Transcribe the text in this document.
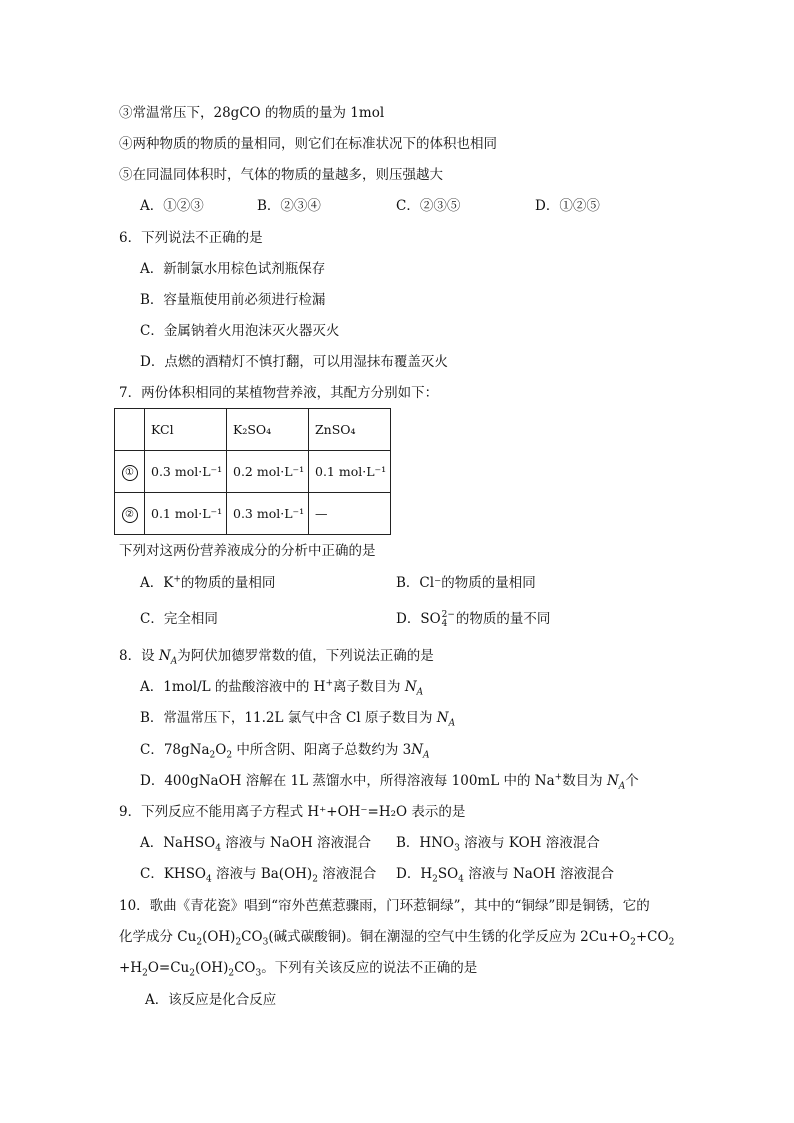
③常温常压下，28gCO 的物质的量为 1mol
④两种物质的物质的量相同，则它们在标准状况下的体积也相同
⑤在同温同体积时，气体的物质的量越多，则压强越大
A．①②③	B．②③④	C．②③⑤	D．①②⑤
6．下列说法不正确的是
A．新制氯水用棕色试剂瓶保存
B．容量瓶使用前必须进行检漏
C．金属钠着火用泡沫灭火器灭火
D．点燃的酒精灯不慎打翻，可以用湿抹布覆盖灭火
7．两份体积相同的某植物营养液，其配方分别如下：
	KCl	K₂SO₄	ZnSO₄
①	0.3 mol·L⁻¹	0.2 mol·L⁻¹	0.1 mol·L⁻¹
②	0.1 mol·L⁻¹	0.3 mol·L⁻¹	—
下列对这两份营养液成分的分析中正确的是
A．K+的物质的量相同	B．Cl⁻的物质的量相同
C．完全相同	D．SO 2−
4 的物质的量不同
8．设 $N_A$为阿伏加德罗常数的值，下列说法正确的是
A．1mol/L 的盐酸溶液中的 H+离子数目为 $N_A$
B．常温常压下，11.2L 氯气中含 Cl 原子数目为 $N_A$
C．$78gNa_2O_2$ 中所含阴、阳离子总数约为 $3N_A$
D．400gNaOH 溶解在 1L 蒸馏水中，所得溶液每 100mL 中的 Na+数目为 $N_A$个
9．下列反应不能用离子方程式 H⁺+OH⁻=H₂O 表示的是
A．NaHSO$_4$ 溶液与 NaOH 溶液混合 B．$HNO_3$ 溶液与 KOH 溶液混合
C．$KHSO_4$ 溶液与 $Ba(OH)_2$ 溶液混合 D．$H_2SO_4$ 溶液与 NaOH 溶液混合
10．歌曲《青花瓷》唱到“帘外芭蕉惹骤雨，门环惹铜绿”，其中的“铜绿”即是铜锈，它的
化学成分 $Cu_2(OH)_2CO_3$(碱式碳酸铜)。铜在潮湿的空气中生锈的化学反应为 $2Cu+O_2+CO_2$
$+H_2O=Cu_2(OH)_2CO_3$。下列有关该反应的说法不正确的是
A．该反应是化合反应
